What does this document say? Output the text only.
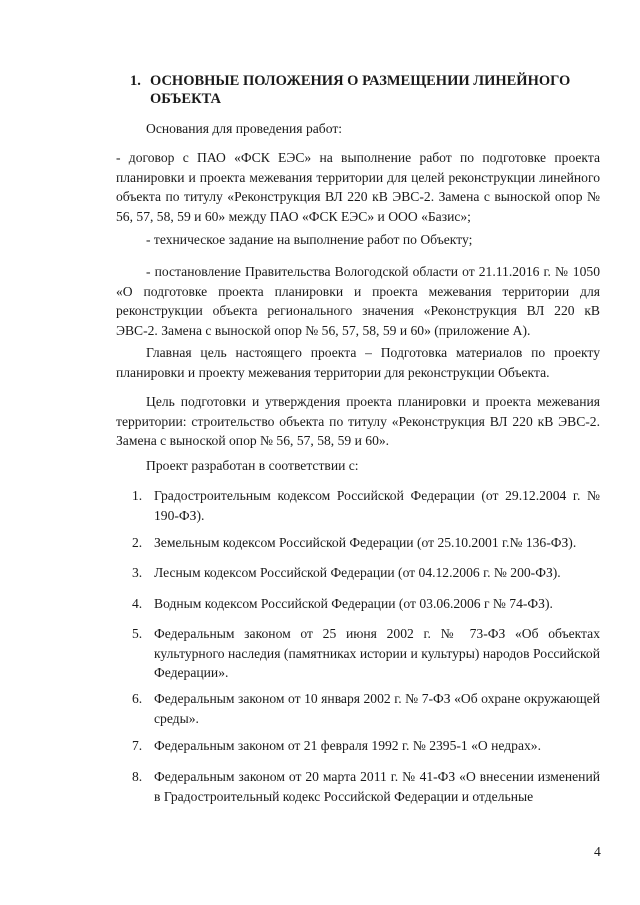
1. ОСНОВНЫЕ ПОЛОЖЕНИЯ О РАЗМЕЩЕНИИ ЛИНЕЙНОГО ОБЪЕКТА
Основания для проведения работ:
- договор с ПАО «ФСК ЕЭС» на выполнение работ по подготовке проекта планировки и проекта межевания территории для целей реконструкции линейного объекта по титулу «Реконструкция ВЛ 220 кВ ЭВС-2. Замена с выноской опор № 56, 57, 58, 59 и 60» между ПАО «ФСК ЕЭС» и ООО «Базис»;
- техническое задание на выполнение работ по Объекту;
- постановление Правительства Вологодской области от 21.11.2016 г. № 1050 «О подготовке проекта планировки и проекта межевания территории для реконструкции объекта регионального значения «Реконструкция ВЛ 220 кВ ЭВС-2. Замена с выноской опор № 56, 57, 58, 59 и 60» (приложение А).
Главная цель настоящего проекта – Подготовка материалов по проекту планировки и проекту межевания территории для реконструкции Объекта.
Цель подготовки и утверждения проекта планировки и проекта межевания территории: строительство объекта по титулу «Реконструкция ВЛ 220 кВ ЭВС-2. Замена с выноской опор № 56, 57, 58, 59 и 60».
Проект разработан в соответствии с:
1. Градостроительным кодексом Российской Федерации (от 29.12.2004 г. № 190-ФЗ).
2. Земельным кодексом Российской Федерации (от 25.10.2001 г.№ 136-ФЗ).
3. Лесным кодексом Российской Федерации (от 04.12.2006 г. № 200-ФЗ).
4. Водным кодексом Российской Федерации (от 03.06.2006 г № 74-ФЗ).
5. Федеральным законом от 25 июня 2002 г. № 73-ФЗ «Об объектах культурного наследия (памятниках истории и культуры) народов Российской Федерации».
6. Федеральным законом от 10 января 2002 г. № 7-ФЗ «Об охране окружающей среды».
7. Федеральным законом от 21 февраля 1992 г. № 2395-1 «О недрах».
8. Федеральным законом от 20 марта 2011 г. № 41-ФЗ «О внесении изменений в Градостроительный кодекс Российской Федерации и отдельные
4
